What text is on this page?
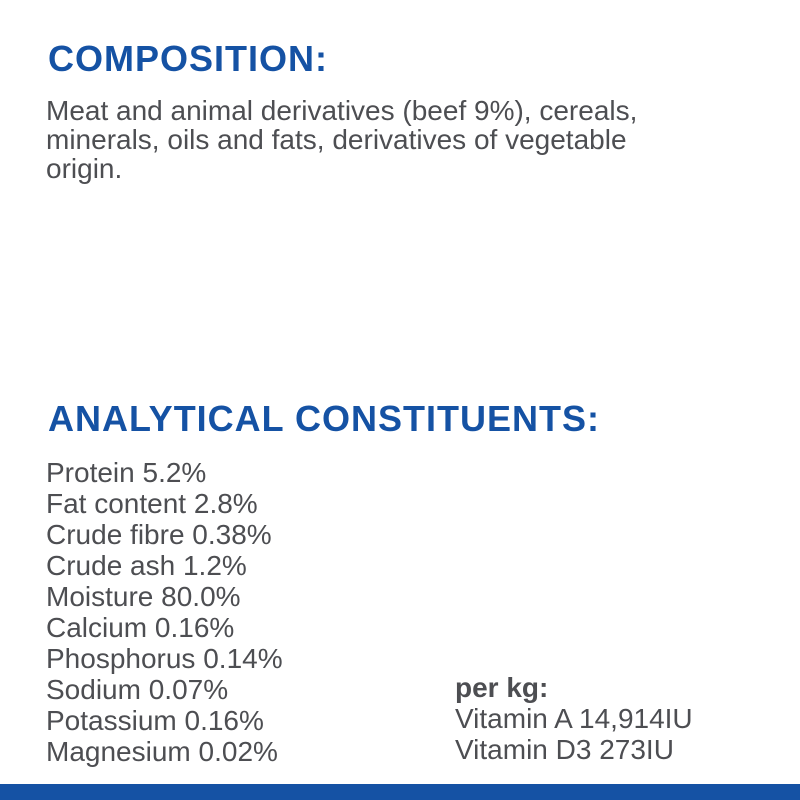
COMPOSITION:
Meat and animal derivatives (beef 9%), cereals,
minerals, oils and fats, derivatives of vegetable
origin.
ANALYTICAL CONSTITUENTS:
Protein 5.2%
Fat content 2.8%
Crude fibre 0.38%
Crude ash 1.2%
Moisture 80.0%
Calcium 0.16%
Phosphorus 0.14%
Sodium 0.07%
Potassium 0.16%
Magnesium 0.02%
per kg:
Vitamin A 14,914IU
Vitamin D3 273IU
